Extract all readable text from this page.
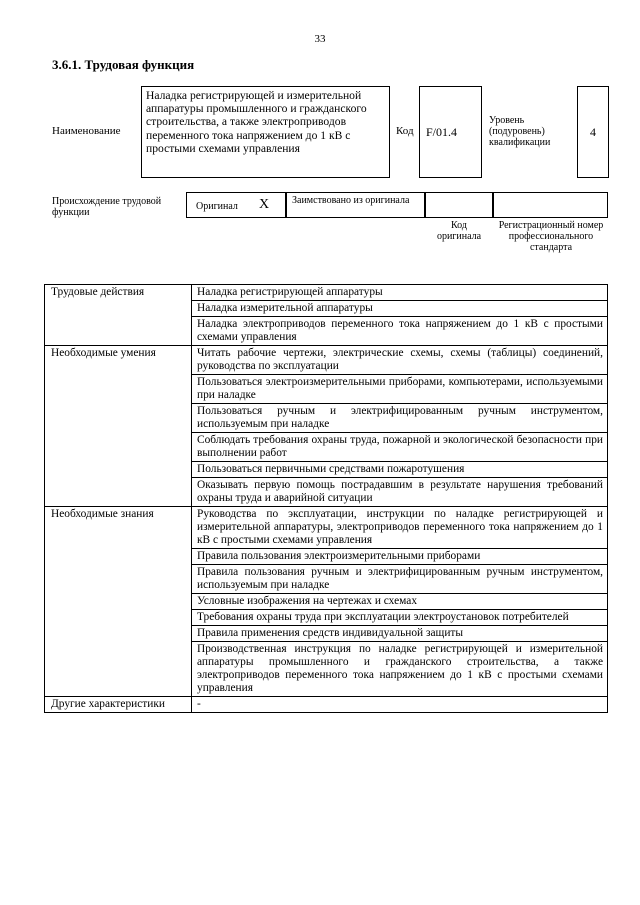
33
3.6.1. Трудовая функция
Наименование
Наладка регистрирующей и измерительной аппаратуры промышленного и гражданского строительства, а также электроприводов переменного тока напряжением до 1 кВ с простыми схемами управления
Код F/01.4
Уровень (подуровень) квалификации
4
Происхождение трудовой функции
Оригинал X Заимствовано из оригинала
Код оригинала
Регистрационный номер профессионального стандарта
Трудовые действия	Наладка регистрирующей аппаратуры
	Наладка измерительной аппаратуры
	Наладка электроприводов переменного тока напряжением до 1 кВ с простыми схемами управления
Необходимые умения	Читать рабочие чертежи, электрические схемы, схемы (таблицы) соединений, руководства по эксплуатации
	Пользоваться электроизмерительными приборами, компьютерами, используемыми при наладке
	Пользоваться ручным и электрифицированным ручным инструментом, используемым при наладке
	Соблюдать требования охраны труда, пожарной и экологической безопасности при выполнении работ
	Пользоваться первичными средствами пожаротушения
	Оказывать первую помощь пострадавшим в результате нарушения требований охраны труда и аварийной ситуации
Необходимые знания	Руководства по эксплуатации, инструкции по наладке регистрирующей и измерительной аппаратуры, электроприводов переменного тока напряжением до 1 кВ с простыми схемами управления
	Правила пользования электроизмерительными приборами
	Правила пользования ручным и электрифицированным ручным инструментом, используемым при наладке
	Условные изображения на чертежах и схемах
	Требования охраны труда при эксплуатации электроустановок потребителей
	Правила применения средств индивидуальной защиты
	Производственная инструкция по наладке регистрирующей и измерительной аппаратуры промышленного и гражданского строительства, а также электроприводов переменного тока напряжением до 1 кВ с простыми схемами управления
Другие характеристики	-
